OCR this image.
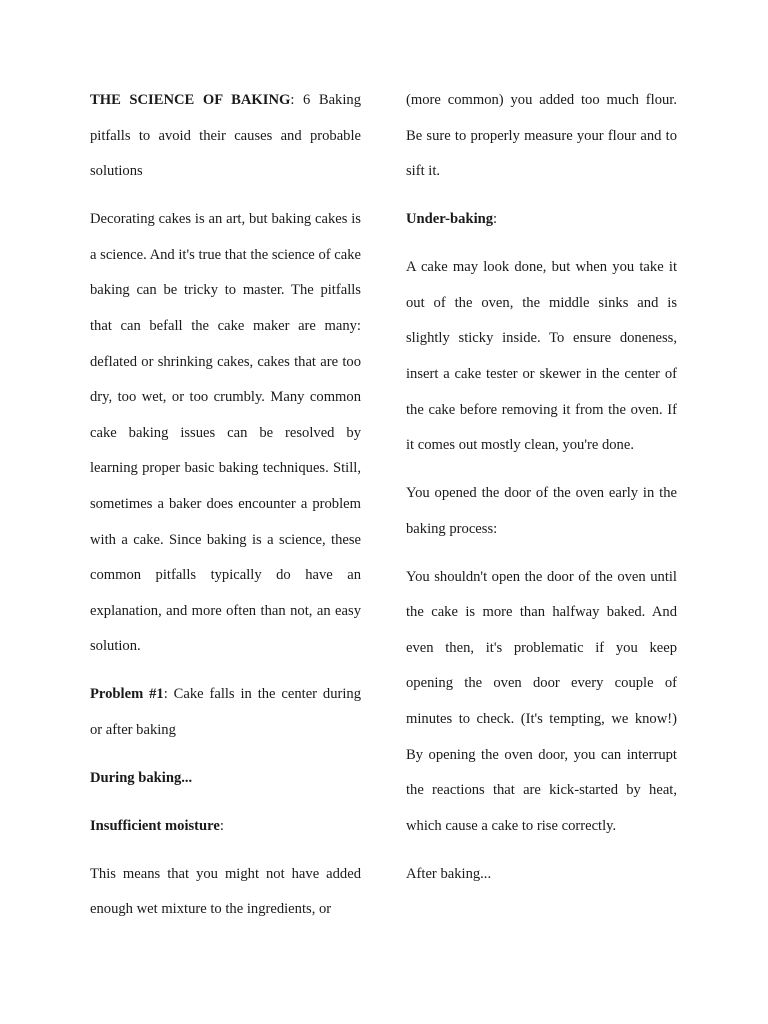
THE SCIENCE OF BAKING: 6 Baking pitfalls to avoid their causes and probable solutions

Decorating cakes is an art, but baking cakes is a science. And it's true that the science of cake baking can be tricky to master. The pitfalls that can befall the cake maker are many: deflated or shrinking cakes, cakes that are too dry, too wet, or too crumbly. Many common cake baking issues can be resolved by learning proper basic baking techniques. Still, sometimes a baker does encounter a problem with a cake. Since baking is a science, these common pitfalls typically do have an explanation, and more often than not, an easy solution.

Problem #1: Cake falls in the center during or after baking

During baking...

Insufficient moisture:

This means that you might not have added enough wet mixture to the ingredients, or

(more common) you added too much flour. Be sure to properly measure your flour and to sift it.

Under-baking:

A cake may look done, but when you take it out of the oven, the middle sinks and is slightly sticky inside. To ensure doneness, insert a cake tester or skewer in the center of the cake before removing it from the oven. If it comes out mostly clean, you're done.

You opened the door of the oven early in the baking process:

You shouldn't open the door of the oven until the cake is more than halfway baked. And even then, it's problematic if you keep opening the oven door every couple of minutes to check. (It's tempting, we know!) By opening the oven door, you can interrupt the reactions that are kick-started by heat, which cause a cake to rise correctly.

After baking...
